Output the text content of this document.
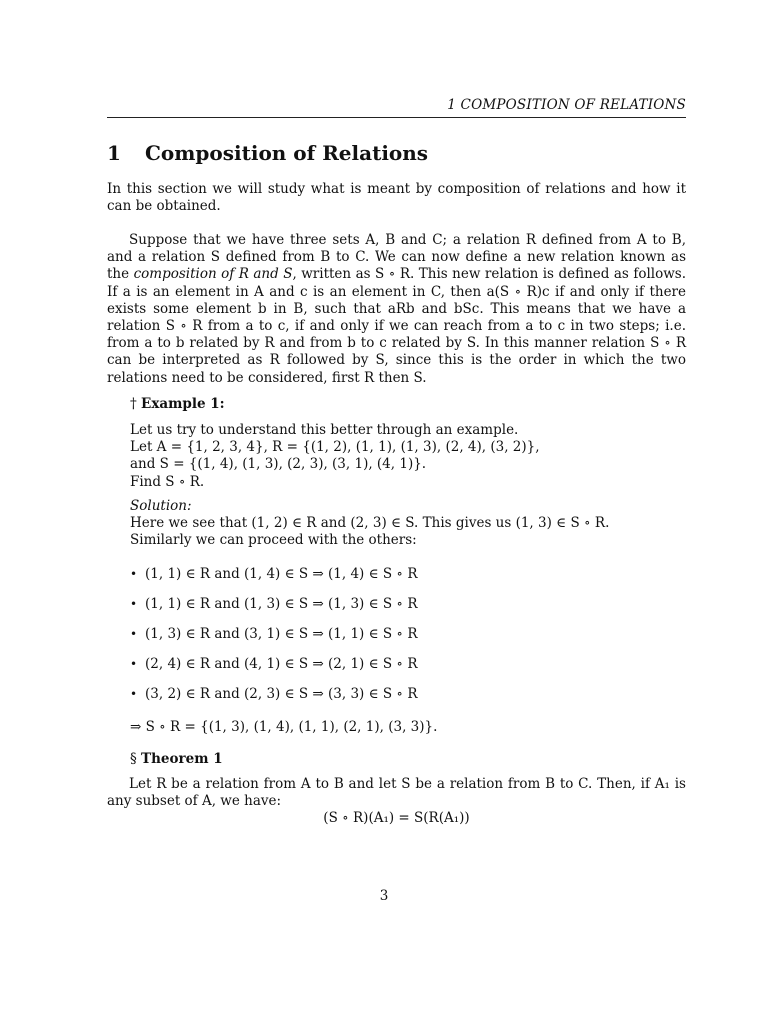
1 COMPOSITION OF RELATIONS
1 Composition of Relations

In this section we will study what is meant by composition of relations and how it can be obtained.

Suppose that we have three sets A, B and C; a relation R defined from A to B, and a relation S defined from B to C. We can now define a new relation known as the composition of R and S, written as S ∘ R. This new relation is defined as follows. If a is an element in A and c is an element in C, then a(S ∘ R)c if and only if there exists some element b in B, such that aRb and bSc. This means that we have a relation S ∘ R from a to c, if and only if we can reach from a to c in two steps; i.e. from a to b related by R and from b to c related by S. In this manner relation S ∘ R can be interpreted as R followed by S, since this is the order in which the two relations need to be considered, first R then S.

† Example 1:
Let us try to understand this better through an example.
Let A = {1, 2, 3, 4}, R = {(1, 2), (1, 1), (1, 3), (2, 4), (3, 2)},
and S = {(1, 4), (1, 3), (2, 3), (3, 1), (4, 1)}.
Find S ∘ R.
Solution:
Here we see that (1, 2) ∈ R and (2, 3) ∈ S. This gives us (1, 3) ∈ S ∘ R.
Similarly we can proceed with the others:
• (1, 1) ∈ R and (1, 4) ∈ S ⇒ (1, 4) ∈ S ∘ R
• (1, 1) ∈ R and (1, 3) ∈ S ⇒ (1, 3) ∈ S ∘ R
• (1, 3) ∈ R and (3, 1) ∈ S ⇒ (1, 1) ∈ S ∘ R
• (2, 4) ∈ R and (4, 1) ∈ S ⇒ (2, 1) ∈ S ∘ R
• (3, 2) ∈ R and (2, 3) ∈ S ⇒ (3, 3) ∈ S ∘ R
⇒ S ∘ R = {(1, 3), (1, 4), (1, 1), (2, 1), (3, 3)}.
§ Theorem 1

Let R be a relation from A to B and let S be a relation from B to C. Then, if A₁ is any subset of A, we have:

(S ∘ R)(A₁) = S(R(A₁))
3
